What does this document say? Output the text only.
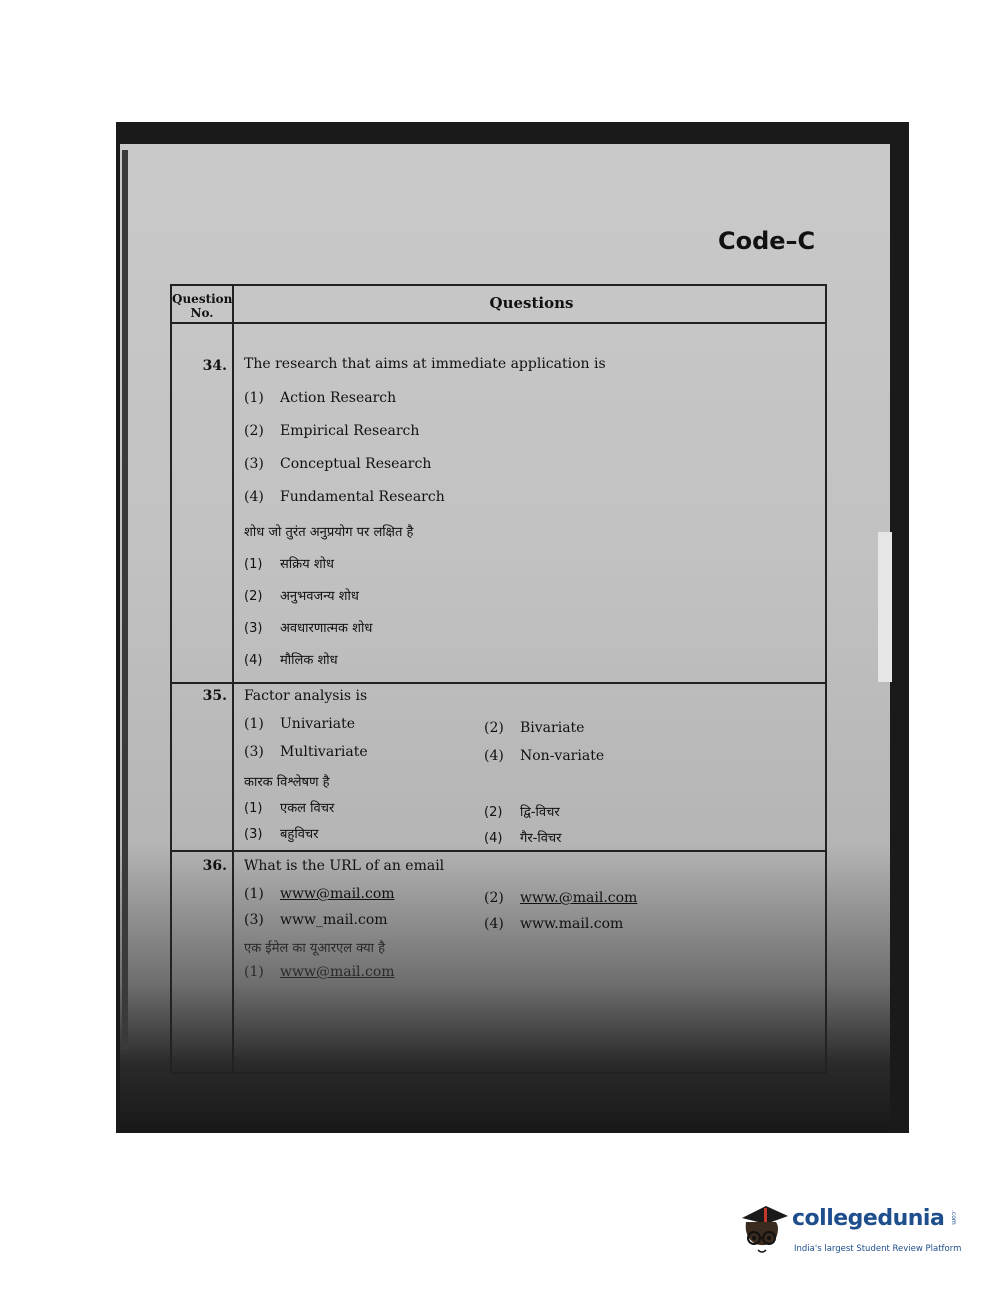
Code–C
Question No.
Questions
34. The research that aims at immediate application is
(1) Action Research
(2) Empirical Research
(3) Conceptual Research
(4) Fundamental Research
शोध जो तुरंत अनुप्रयोग पर लक्षित है
(1) सक्रिय शोध
(2) अनुभवजन्य शोध
(3) अवधारणात्मक शोध
(4) मौलिक शोध
35. Factor analysis is
(1) Univariate	(2) Bivariate
(3) Multivariate	(4) Non-variate
कारक विश्लेषण है
(1) एकल विचर	(2) द्वि-विचर
(3) बहुविचर	(4) गैर-विचर
36. What is the URL of an email
(1) www@mail.com	(2) www.@mail.com
(3) www_mail.com	(4) www.mail.com
एक ईमेल का यूआरएल क्या है
(1) www@mail.com
collegedunia .com
India's largest Student Review Platform
